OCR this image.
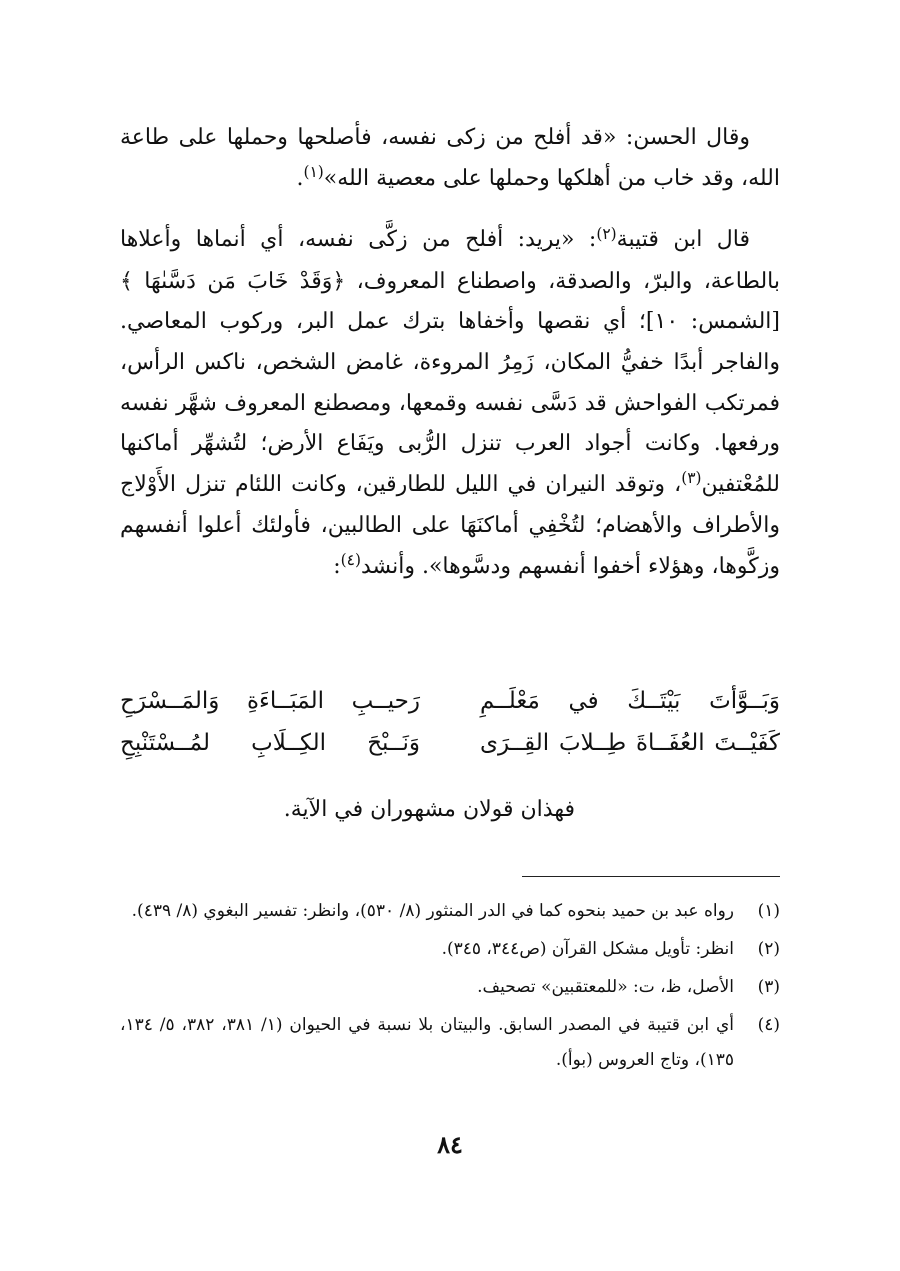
وقال الحسن: «قد أفلح من زكى نفسه، فأصلحها وحملها على طاعة الله، وقد خاب من أهلكها وحملها على معصية الله»$^{(١)}$.

قال ابن قتيبة$^{(٢)}$: «يريد: أفلح من زكَّى نفسه، أي أنماها وأعلاها بالطاعة، والبرّ، والصدقة، واصطناع المعروف، ﴿وَقَدْ خَابَ مَن دَسَّىٰهَا ﴾ [الشمس: ١٠]؛ أي نقصها وأخفاها بترك عمل البر، وركوب المعاصي. والفاجر أبدًا خفيُّ المكان، زَمِرُ المروءة، غامض الشخص، ناكس الرأس، فمرتكب الفواحش قد دَسَّى نفسه وقمعها، ومصطنع المعروف شهَّر نفسه ورفعها. وكانت أجواد العرب تنزل الرُّبى ويَفَاع الأرض؛ لتُشهِّر أماكنها للمُعْتفين$^{(٣)}$، وتوقد النيران في الليل للطارقين، وكانت اللئام تنزل الأَوْلاج والأطراف والأهضام؛ لتُخْفِي أماكنَهَا على الطالبين، فأولئك أعلوا أنفسهم وزكَّوها، وهؤلاء أخفوا أنفسهم ودسَّوها». وأنشد$^{(٤)}$:

وَبَــوَّأتَ بَيْتَــكَ في مَعْلَــمِ
رَحيــبِ المَبَــاءَةِ وَالمَــسْرَحِ
كَفَيْــتَ العُفَــاةَ طِــلابَ القِــرَى
وَنَــبْحَ الكِــلَابِ لمُــسْتَنْبِحِ
فهذان قولان مشهوران في الآية.
(١)
رواه عبد بن حميد بنحوه كما في الدر المنثور (٨/ ٥٣٠)، وانظر: تفسير البغوي (٨/ ٤٣٩).
(٢)
انظر: تأويل مشكل القرآن (ص٣٤٤، ٣٤٥).
(٣)
الأصل، ظ، ت: «للمعتقبين» تصحيف.
(٤)
أي ابن قتيبة في المصدر السابق. والبيتان بلا نسبة في الحيوان (١/ ٣٨١، ٣٨٢، ٥/ ١٣٤، ١٣٥)، وتاج العروس (بوأ).
٨٤
